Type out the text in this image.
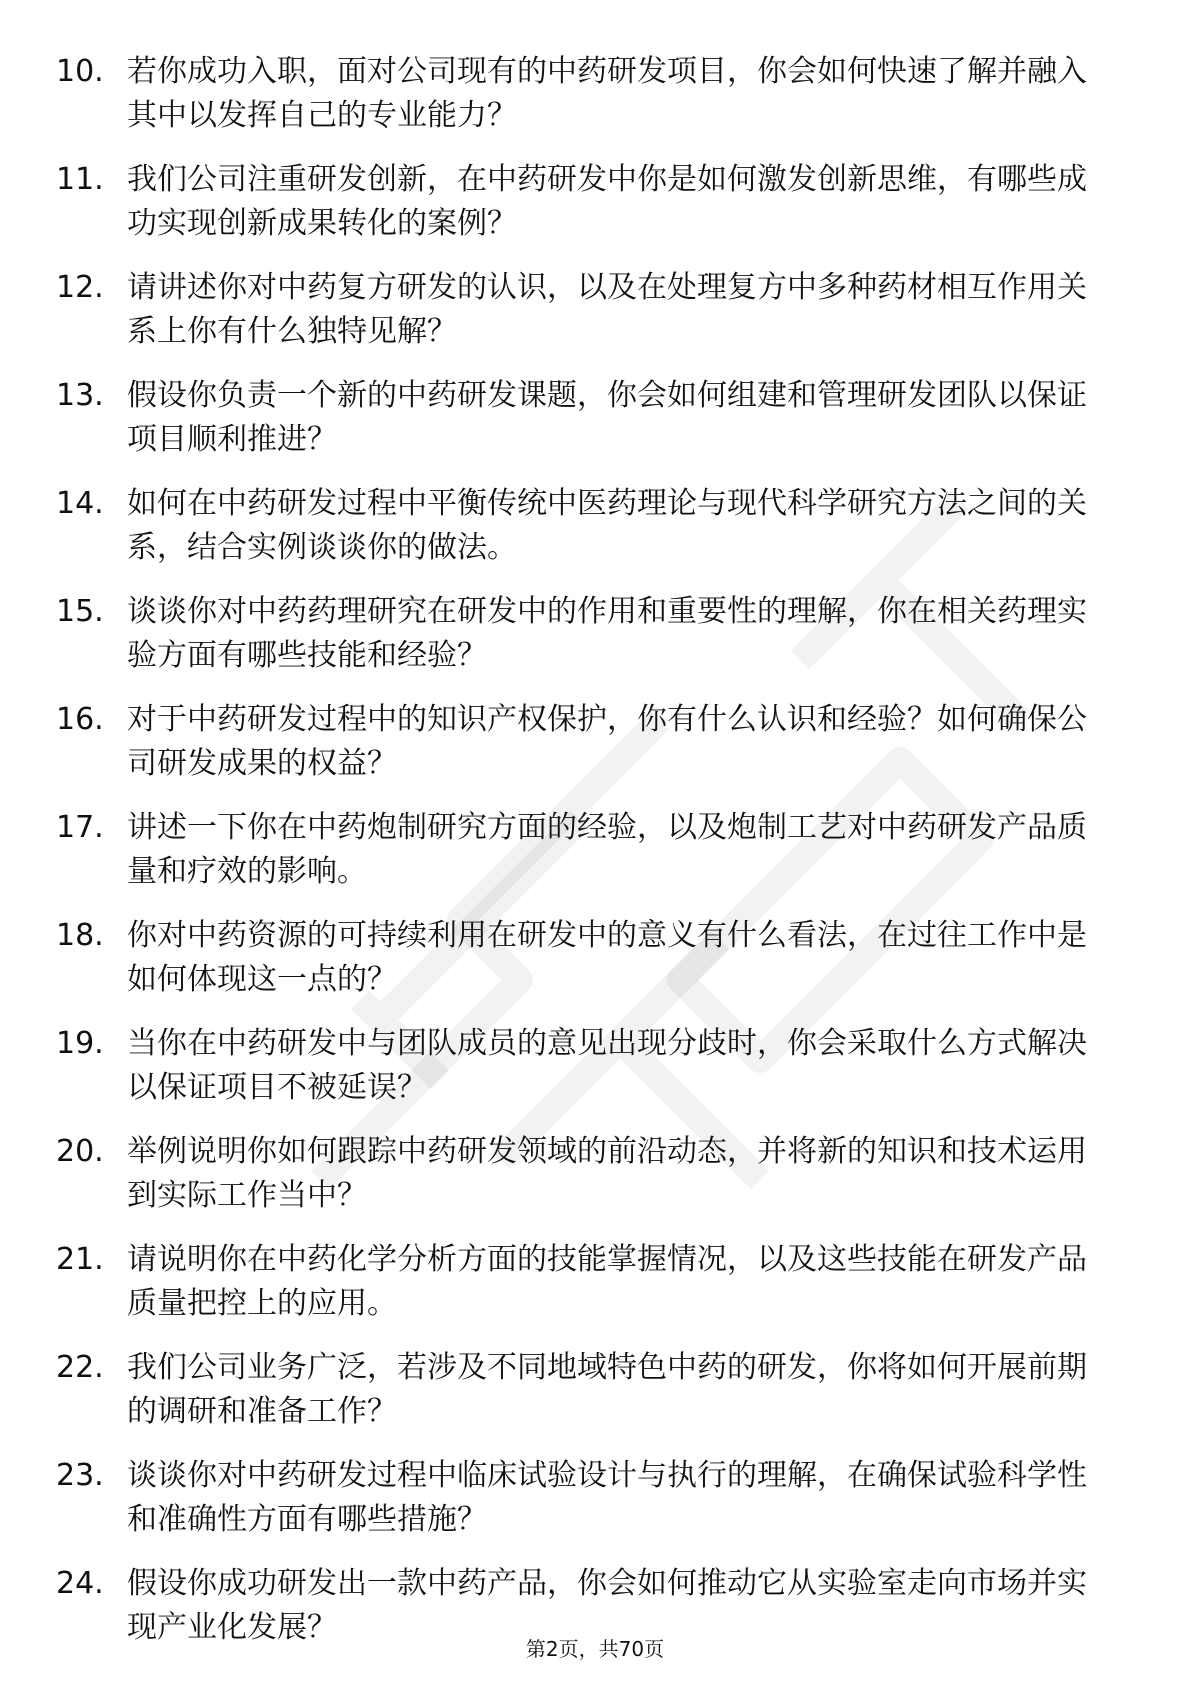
10. 若你成功入职，面对公司现有的中药研发项目，你会如何快速了解并融入其中以发挥自己的专业能力？
11. 我们公司注重研发创新，在中药研发中你是如何激发创新思维，有哪些成功实现创新成果转化的案例？
12. 请讲述你对中药复方研发的认识，以及在处理复方中多种药材相互作用关系上你有什么独特见解？
13. 假设你负责一个新的中药研发课题，你会如何组建和管理研发团队以保证项目顺利推进？
14. 如何在中药研发过程中平衡传统中医药理论与现代科学研究方法之间的关系，结合实例谈谈你的做法。
15. 谈谈你对中药药理研究在研发中的作用和重要性的理解，你在相关药理实验方面有哪些技能和经验？
16. 对于中药研发过程中的知识产权保护，你有什么认识和经验？如何确保公司研发成果的权益？
17. 讲述一下你在中药炮制研究方面的经验，以及炮制工艺对中药研发产品质量和疗效的影响。
18. 你对中药资源的可持续利用在研发中的意义有什么看法，在过往工作中是如何体现这一点的？
19. 当你在中药研发中与团队成员的意见出现分歧时，你会采取什么方式解决以保证项目不被延误？
20. 举例说明你如何跟踪中药研发领域的前沿动态，并将新的知识和技术运用到实际工作当中？
21. 请说明你在中药化学分析方面的技能掌握情况，以及这些技能在研发产品质量把控上的应用。
22. 我们公司业务广泛，若涉及不同地域特色中药的研发，你将如何开展前期的调研和准备工作？
23. 谈谈你对中药研发过程中临床试验设计与执行的理解，在确保试验科学性和准确性方面有哪些措施？
24. 假设你成功研发出一款中药产品，你会如何推动它从实验室走向市场并实现产业化发展？
第2页，共70页
